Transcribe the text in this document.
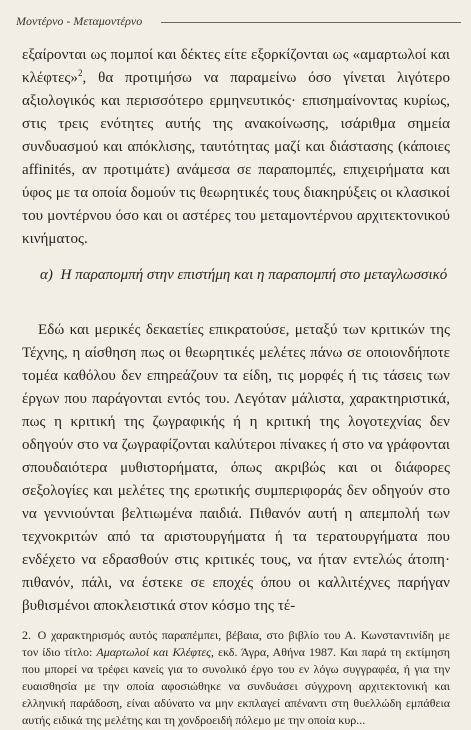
Μοντέρνο - Μεταμοντέρνο

εξαίρονται ως πομποί και δέκτες είτε εξορκίζονται ως «αμαρτωλοί και κλέφτες»$^2$, θα προτιμήσω να παραμείνω όσο γίνεται λιγότερο αξιολογικός και περισσότερο ερμηνευτικός· επισημαίνοντας κυρίως, στις τρεις ενότητες αυτής της ανακοίνωσης, ισάριθμα σημεία συνδυασμού και απόκλισης, ταυτότητας μαζί και διάστασης (κάποιες affinités, αν προτιμάτε) ανάμεσα σε παραπομπές, επιχειρήματα και ύφος με τα οποία δομούν τις θεωρητικές τους διακηρύξεις οι κλασικοί του μοντέρνου όσο και οι αστέρες του μεταμοντέρνου αρχιτεκτονικού κινήματος.

α) Η παραπομπή στην επιστήμη και η παραπομπή στο μεταγλωσσικό

Εδώ και μερικές δεκαετίες επικρατούσε, μεταξύ των κριτικών της Τέχνης, η αίσθηση πως οι θεωρητικές μελέτες πάνω σε οποιονδήποτε τομέα καθόλου δεν επηρεάζουν τα είδη, τις μορφές ή τις τάσεις των έργων που παράγονται εντός του. Λεγόταν μάλιστα, χαρακτηριστικά, πως η κριτική της ζωγραφικής ή η κριτική της λογοτεχνίας δεν οδηγούν στο να ζωγραφίζονται καλύτεροι πίνακες ή στο να γράφονται σπουδαιότερα μυθιστορήματα, όπως ακριβώς και οι διάφορες σεξολογίες και μελέτες της ερωτικής συμπεριφοράς δεν οδηγούν στο να γεννιούνται βελτιωμένα παιδιά. Πιθανόν αυτή η απεμπολή των τεχνοκριτών από τα αριστουργήματα ή τα τερατουργήματα που ενδέχετο να εδρασθούν στις κριτικές τους, να ήταν εντελώς άτοπη· πιθανόν, πάλι, να έστεκε σε εποχές όπου οι καλλιτέχνες παρήγαν βυθισμένοι αποκλειστικά στον κόσμο της τέ-

2. Ο χαρακτηρισμός αυτός παραπέμπει, βέβαια, στο βιβλίο του Α. Κωνσταντινίδη με τον ίδιο τίτλο: Αμαρτωλοί και Κλέφτες, εκδ. Άγρα, Αθήνα 1987. Και παρά τη εκτίμηση που μπορεί να τρέφει κανείς για το συνολικό έργο του εν λόγω συγγραφέα, ή για την ευαισθησία με την οποία αφοσιώθηκε να συνδυάσει σύγχρονη αρχιτεκτονική και ελληνική παράδοση, είναι αδύνατο να μην εκπλαγεί απέναντι στη θυελλώδη εμπάθεια αυτής ειδικά της μελέτης και τη χονδροειδή πόλεμο με την οποία κυρ...
